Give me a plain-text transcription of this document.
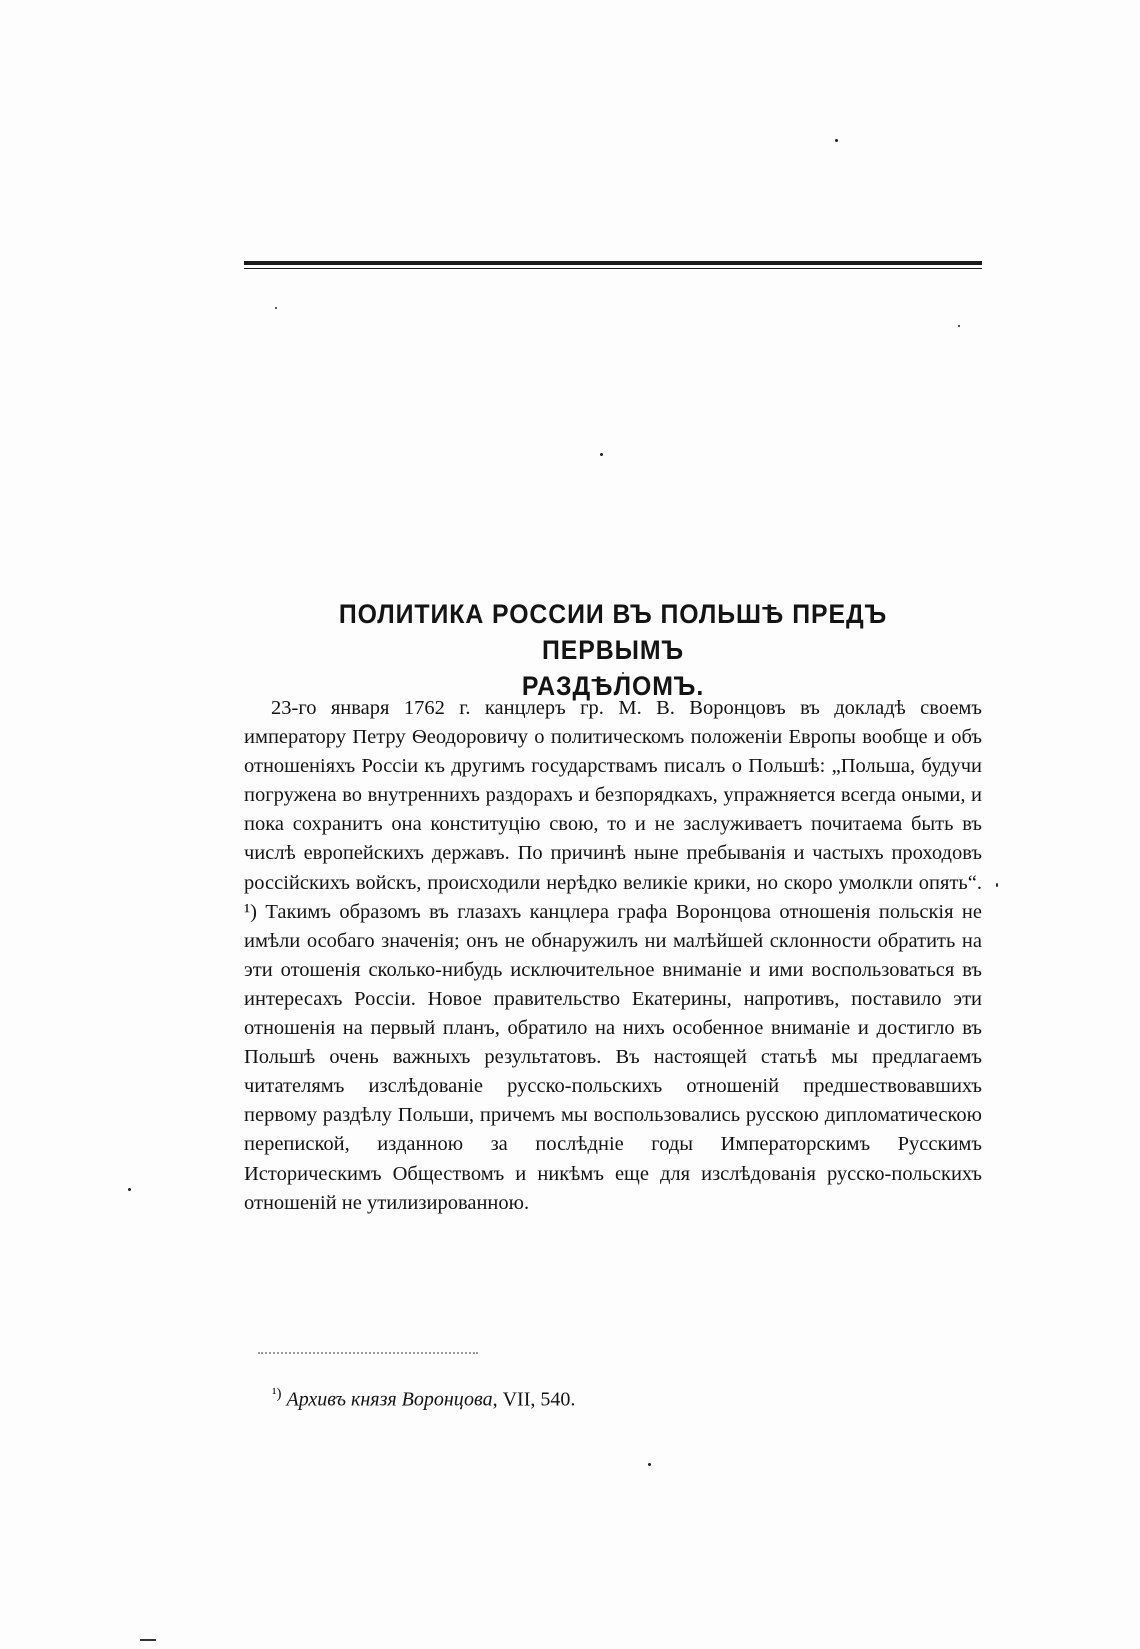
ПОЛИТИКА РОССИИ ВЪ ПОЛЬШѢ ПРЕДЪ ПЕРВЫМЪ
РАЗДѢЛОМЪ.

23-го января 1762 г. канцлеръ гр. М. В. Воронцовъ въ докладѣ своемъ императору Петру Ѳеодоровичу о политическомъ положенiи Европы вообще и объ отношенiяхъ Россiи къ другимъ государствамъ писалъ о Польшѣ: „Польша, будучи погружена во внутреннихъ раздорахъ и безпорядкахъ, упражняется всегда оными, и пока сохранитъ она конституцiю свою, то и не заслуживаетъ почитаема быть въ числѣ европейскихъ державъ. По причинѣ ныне пребыванiя и частыхъ проходовъ россiйскихъ войскъ, происходили нерѣдко великiе крики, но скоро умолкли опять“. ¹) Такимъ образомъ въ глазахъ канцлера графа Воронцова отношенiя польскiя не имѣли особаго значенiя; онъ не обнаружилъ ни малѣйшей склонности обратить на эти отошенiя сколько-нибудь исключительное вниманiе и ими воспользоваться въ интересахъ Россiи. Новое правительство Екатерины, напротивъ, поставило эти отношенiя на первый планъ, обратило на нихъ особенное вниманiе и достигло въ Польшѣ очень важныхъ результатовъ. Въ настоящей статьѣ мы предлагаемъ читателямъ изслѣдованiе русско-польскихъ отношенiй предшествовавшихъ первому раздѣлу Польши, причемъ мы воспользовались русскою дипломатическою перепиской, изданною за послѣднiе годы Императорскимъ Русскимъ Историческимъ Обществомъ и никѣмъ еще для изслѣдованiя русско-польскихъ отношенiй не утилизированною.

$^{^1)}$ Архивъ князя Воронцова, VII, 540.
